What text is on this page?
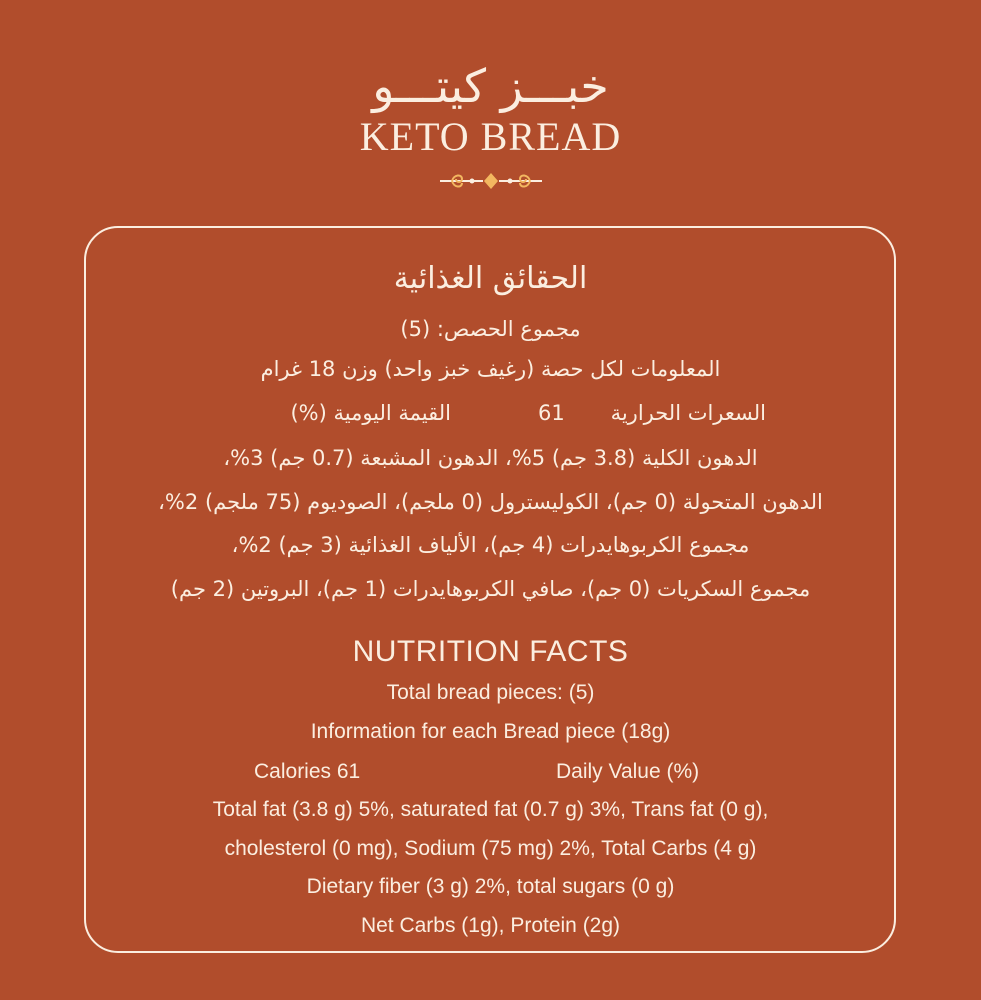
خبـــز كيتـــو
KETO BREAD
الحقائق الغذائية
مجموع الحصص: (5)
المعلومات لكل حصة (رغيف خبز واحد) وزن 18 غرام
السعرات الحرارية
61
القيمة اليومية (%)
الدهون الكلية (3.8 جم) 5%، الدهون المشبعة (0.7 جم) 3%،
الدهون المتحولة (0 جم)، الكوليسترول (0 ملجم)، الصوديوم (75 ملجم) 2%،
مجموع الكربوهايدرات (4 جم)، الألياف الغذائية (3 جم) 2%،
مجموع السكريات (0 جم)، صافي الكربوهايدرات (1 جم)، البروتين (2 جم)
NUTRITION FACTS
Total bread pieces: (5)
Information for each Bread piece (18g)
Calories 61	Daily Value (%)
Total fat (3.8 g) 5%, saturated fat (0.7 g) 3%, Trans fat (0 g),
cholesterol (0 mg), Sodium (75 mg) 2%, Total Carbs (4 g)
Dietary fiber (3 g) 2%, total sugars (0 g)
Net Carbs (1g), Protein (2g)
